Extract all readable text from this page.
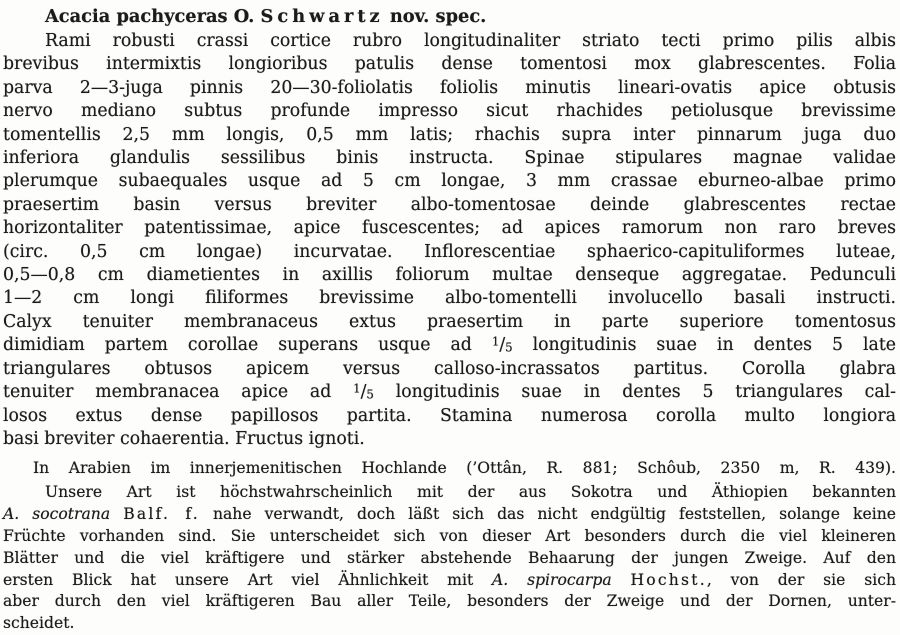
Acacia pachyceras O. Schwartz nov. spec.
Rami robusti crassi cortice rubro longitudinaliter striato tecti primo pilis albis
brevibus intermixtis longioribus patulis dense tomentosi mox glabrescentes. Folia
parva 2—3-juga pinnis 20—30-foliolatis foliolis minutis lineari-ovatis apice obtusis
nervo mediano subtus profunde impresso sicut rhachides petiolusque brevissime
tomentellis 2,5 mm longis, 0,5 mm latis; rhachis supra inter pinnarum juga duo
inferiora glandulis sessilibus binis instructa. Spinae stipulares magnae validae
plerumque subaequales usque ad 5 cm longae, 3 mm crassae eburneo-albae primo
praesertim basin versus breviter albo-tomentosae deinde glabrescentes rectae
horizontaliter patentissimae, apice fuscescentes; ad apices ramorum non raro breves
(circ. 0,5 cm longae) incurvatae. Inflorescentiae sphaerico-capituliformes luteae,
0,5—0,8 cm diametientes in axillis foliorum multae denseque aggregatae. Pedunculi
1—2 cm longi filiformes brevissime albo-tomentelli involucello basali instructi.
Calyx tenuiter membranaceus extus praesertim in parte superiore tomentosus
dimidiam partem corollae superans usque ad $^1/_5$ longitudinis suae in dentes 5 late
triangulares obtusos apicem versus calloso-incrassatos partitus. Corolla glabra
tenuiter membranacea apice ad $^1/_5$ longitudinis suae in dentes 5 triangulares cal-
losos extus dense papillosos partita. Stamina numerosa corolla multo longiora
basi breviter cohaerentia. Fructus ignoti.
In Arabien im innerjemenitischen Hochlande (’Ottân, R. 881; Schôub, 2350 m, R. 439).
Unsere Art ist höchstwahrscheinlich mit der aus Sokotra und Äthiopien bekannten
A. socotrana Balf. f. nahe verwandt, doch läßt sich das nicht endgültig feststellen, solange keine
Früchte vorhanden sind. Sie unterscheidet sich von dieser Art besonders durch die viel kleineren
Blätter und die viel kräftigere und stärker abstehende Behaarung der jungen Zweige. Auf den
ersten Blick hat unsere Art viel Ähnlichkeit mit A. spirocarpa Hochst., von der sie sich
aber durch den viel kräftigeren Bau aller Teile, besonders der Zweige und der Dornen, unter-
scheidet.
